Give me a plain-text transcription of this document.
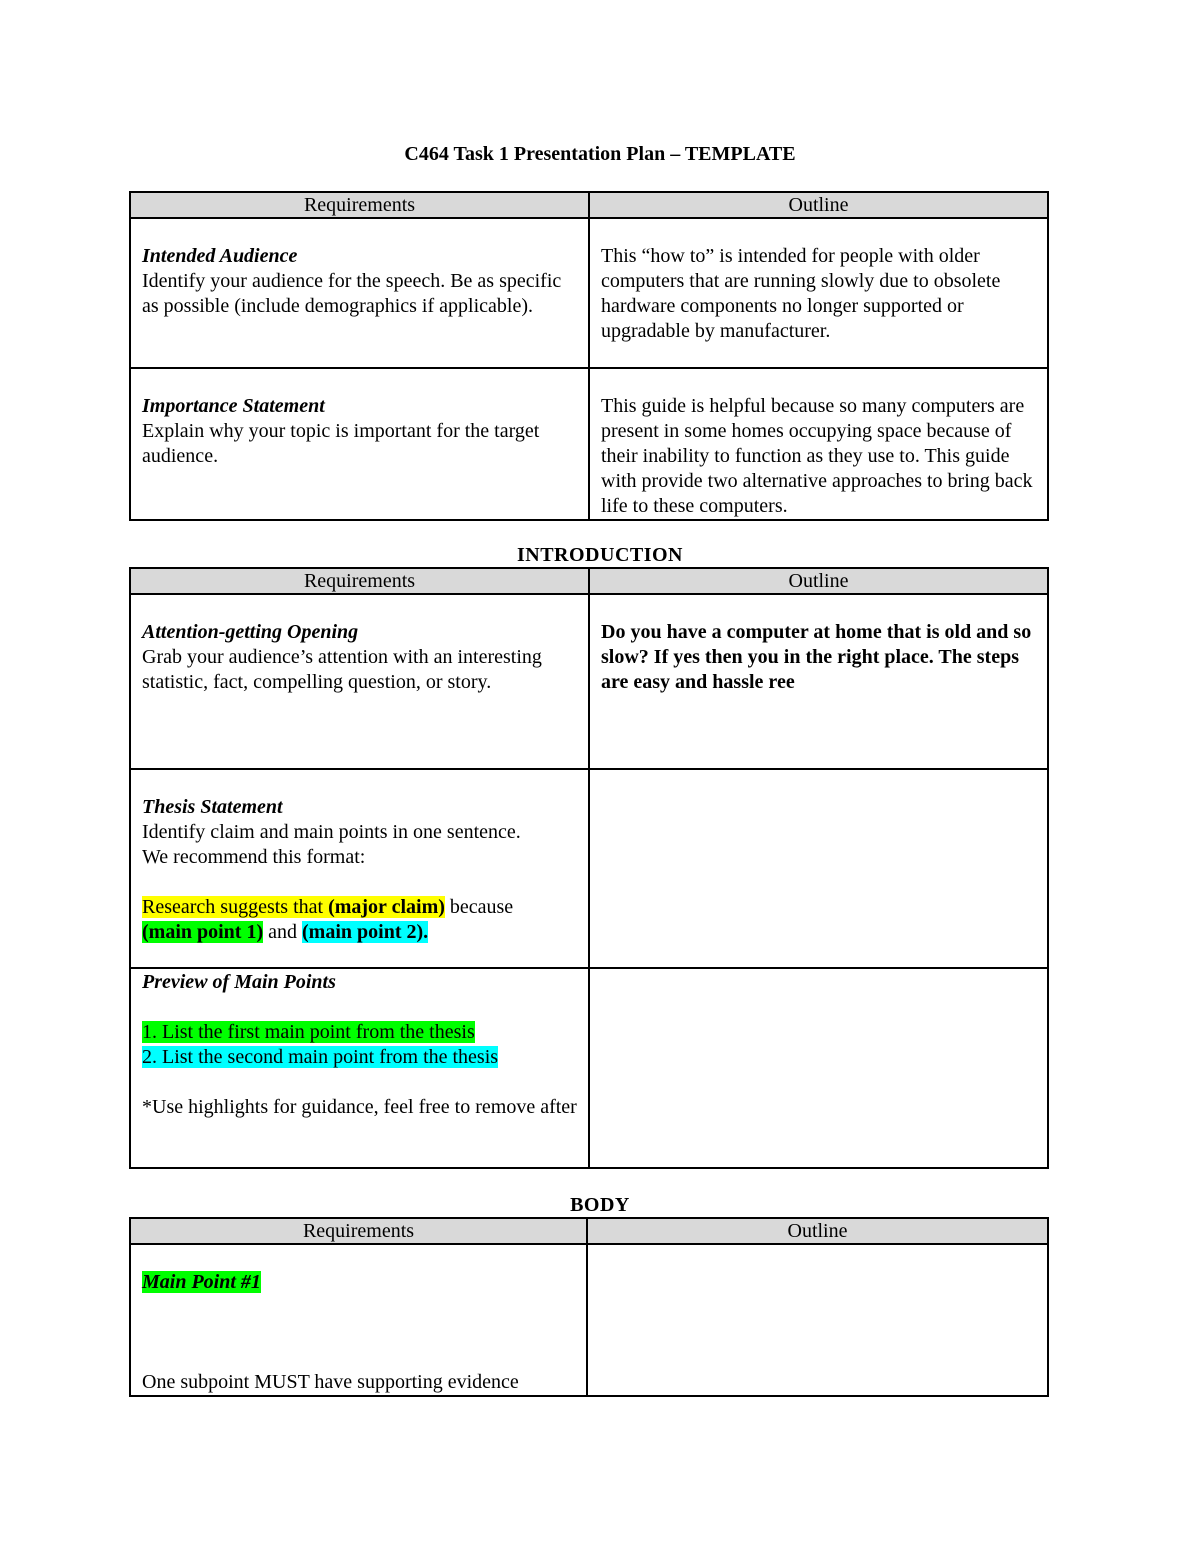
C464 Task 1 Presentation Plan – TEMPLATE
Requirements	Outline

Intended Audience
Identify your audience for the speech. Be as specific as possible (include demographics if applicable).	This “how to” is intended for people with older computers that are running slowly due to obsolete hardware components no longer supported or upgradable by manufacturer.

Importance Statement
Explain why your topic is important for the target audience.	This guide is helpful because so many computers are present in some homes occupying space because of their inability to function as they use to. This guide with provide two alternative approaches to bring back life to these computers.
INTRODUCTION
Requirements	Outline

Attention-getting Opening
Grab your audience’s attention with an interesting statistic, fact, compelling question, or story.	Do you have a computer at home that is old and so slow? If yes then you in the right place. The steps are easy and hassle ree

Thesis Statement
Identify claim and main points in one sentence.
We recommend this format:
Research suggests that (major claim) because
(main point 1) and (main point 2).	

Preview of Main Points
1. List the first main point from the thesis
2. List the second main point from the thesis
*Use highlights for guidance, feel free to remove after	

BODY
Requirements	Outline

Main Point #1
One subpoint MUST have supporting evidence	
